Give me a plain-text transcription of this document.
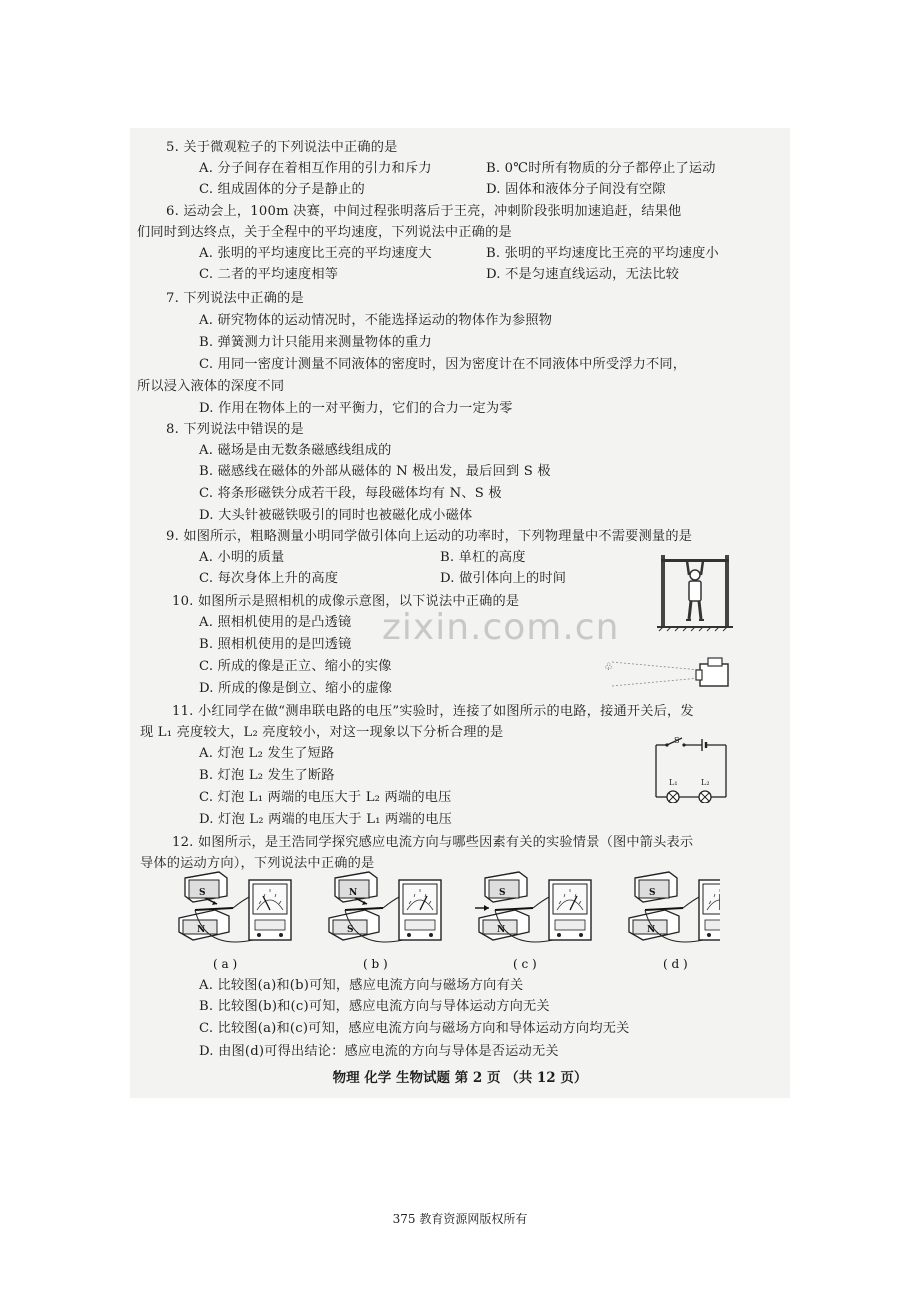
5. 关于微观粒子的下列说法中正确的是
A. 分子间存在着相互作用的引力和斥力	B. 0℃时所有物质的分子都停止了运动
C. 组成固体的分子是静止的	D. 固体和液体分子间没有空隙
6. 运动会上，100m 决赛，中间过程张明落后于王亮，冲刺阶段张明加速追赶，结果他
们同时到达终点，关于全程中的平均速度，下列说法中正确的是
A. 张明的平均速度比王亮的平均速度大	B. 张明的平均速度比王亮的平均速度小
C. 二者的平均速度相等	D. 不是匀速直线运动，无法比较
7. 下列说法中正确的是
A. 研究物体的运动情况时，不能选择运动的物体作为参照物
B. 弹簧测力计只能用来测量物体的重力
C. 用同一密度计测量不同液体的密度时，因为密度计在不同液体中所受浮力不同，
所以浸入液体的深度不同
D. 作用在物体上的一对平衡力，它们的合力一定为零
8. 下列说法中错误的是
A. 磁场是由无数条磁感线组成的
B. 磁感线在磁体的外部从磁体的 N 极出发，最后回到 S 极
C. 将条形磁铁分成若干段，每段磁体均有 N、S 极
D. 大头针被磁铁吸引的同时也被磁化成小磁体
9. 如图所示，粗略测量小明同学做引体向上运动的功率时，下列物理量中不需要测量的是
A. 小明的质量	B. 单杠的高度
C. 每次身体上升的高度	D. 做引体向上的时间
10. 如图所示是照相机的成像示意图，以下说法中正确的是
A. 照相机使用的是凸透镜
B. 照相机使用的是凹透镜
C. 所成的像是正立、缩小的实像
D. 所成的像是倒立、缩小的虚像
11. 小红同学在做“测串联电路的电压”实验时，连接了如图所示的电路，接通开关后，发
现 L₁ 亮度较大，L₂ 亮度较小，对这一现象以下分析合理的是
A. 灯泡 L₂ 发生了短路
B. 灯泡 L₂ 发生了断路
C. 灯泡 L₁ 两端的电压大于 L₂ 两端的电压
D. 灯泡 L₂ 两端的电压大于 L₁ 两端的电压
12. 如图所示，是王浩同学探究感应电流方向与哪些因素有关的实验情景（图中箭头表示
导体的运动方向），下列说法中正确的是
A. 比较图(a)和(b)可知，感应电流方向与磁场方向有关
B. 比较图(b)和(c)可知，感应电流方向与导体运动方向无关
C. 比较图(a)和(c)可知，感应电流方向与磁场方向和导体运动方向均无关
D. 由图(d)可得出结论：感应电流的方向与导体是否运动无关
物理 化学 生物试题 第 2 页 （共 12 页）
zixin.com.cn
♧
S
L₁	L₂
S
N
( a )
N
S
( b )
S
N
( c )
S
N
( d )
375 教育资源网版权所有
